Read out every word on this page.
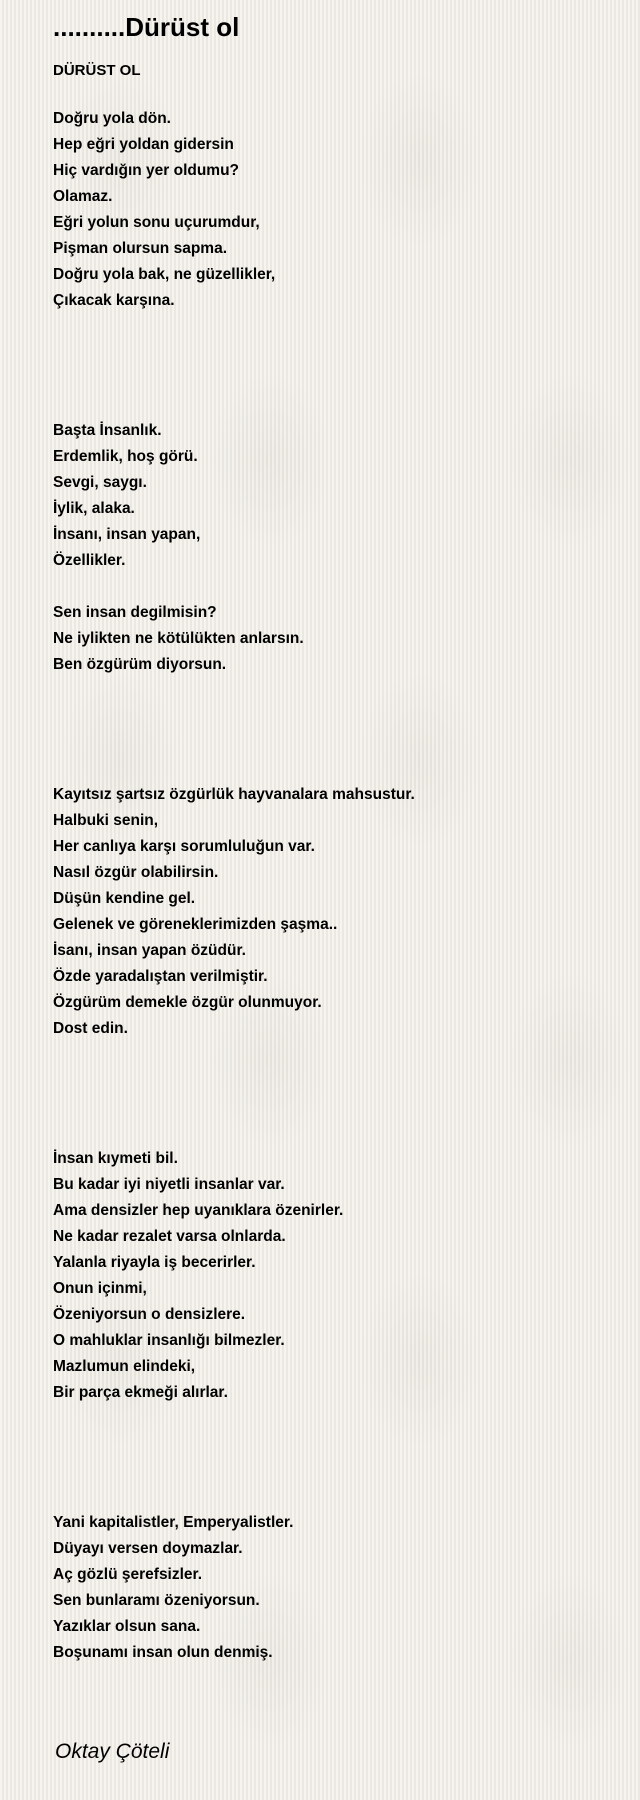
..........Dürüst ol
DÜRÜST OL
Doğru yola dön.
Hep eğri yoldan gidersin
Hiç vardığın yer oldumu?
Olamaz.
Eğri yolun sonu uçurumdur,
Pişman olursun sapma.
Doğru yola bak, ne güzellikler,
Çıkacak karşına.
Başta İnsanlık.
Erdemlik, hoş görü.
Sevgi, saygı.
İylik, alaka.
İnsanı, insan yapan,
Özellikler.
Sen insan degilmisin?
Ne iylikten ne kötülükten anlarsın.
Ben özgürüm diyorsun.
Kayıtsız şartsız özgürlük hayvanalara mahsustur.
Halbuki senin,
Her canlıya karşı sorumluluğun var.
Nasıl özgür olabilirsin.
Düşün kendine gel.
Gelenek ve göreneklerimizden şaşma..
İsanı, insan yapan özüdür.
Özde yaradalıştan verilmiştir.
Özgürüm demekle özgür olunmuyor.
Dost edin.
İnsan kıymeti bil.
Bu kadar iyi niyetli insanlar var.
Ama densizler hep uyanıklara özenirler.
Ne kadar rezalet varsa olnlarda.
Yalanla riyayla iş becerirler.
Onun içinmi,
Özeniyorsun o densizlere.
O mahluklar insanlığı bilmezler.
Mazlumun elindeki,
Bir parça ekmeği alırlar.
Yani kapitalistler, Emperyalistler.
Düyayı versen doymazlar.
Aç gözlü şerefsizler.
Sen bunlaramı özeniyorsun.
Yazıklar olsun sana.
Boşunamı insan olun denmiş.
Oktay Çöteli
